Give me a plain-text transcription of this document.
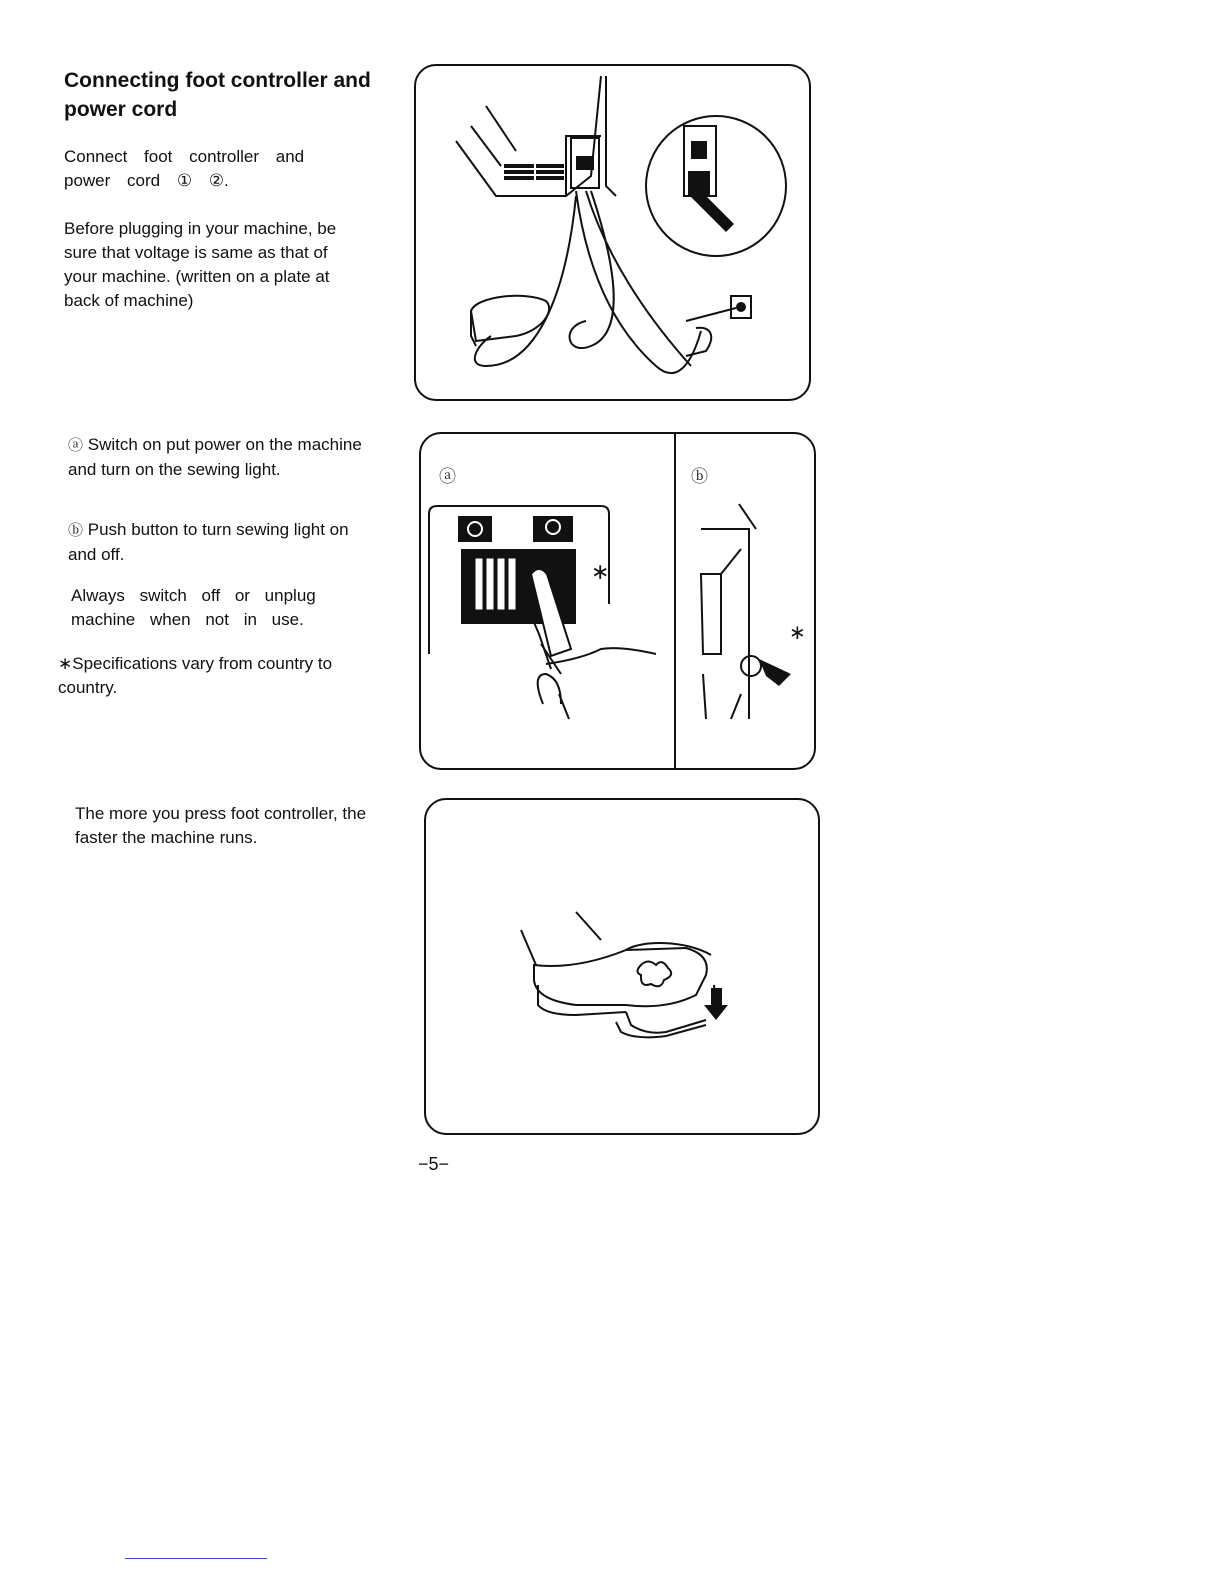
Connecting foot controller and power cord

Connect foot controller and power cord ① ②.

Before plugging in your machine, be sure that voltage is same as that of your machine. (written on a plate at back of machine)

ⓐ Switch on put power on the machine and turn on the sewing light.

ⓑ Push button to turn sewing light on and off.

Always switch off or unplug machine when not in use.

∗Specifications vary from country to country.

The more you press foot controller, the faster the machine runs.

ⓐ	ⓑ
∗
∗
−5−
